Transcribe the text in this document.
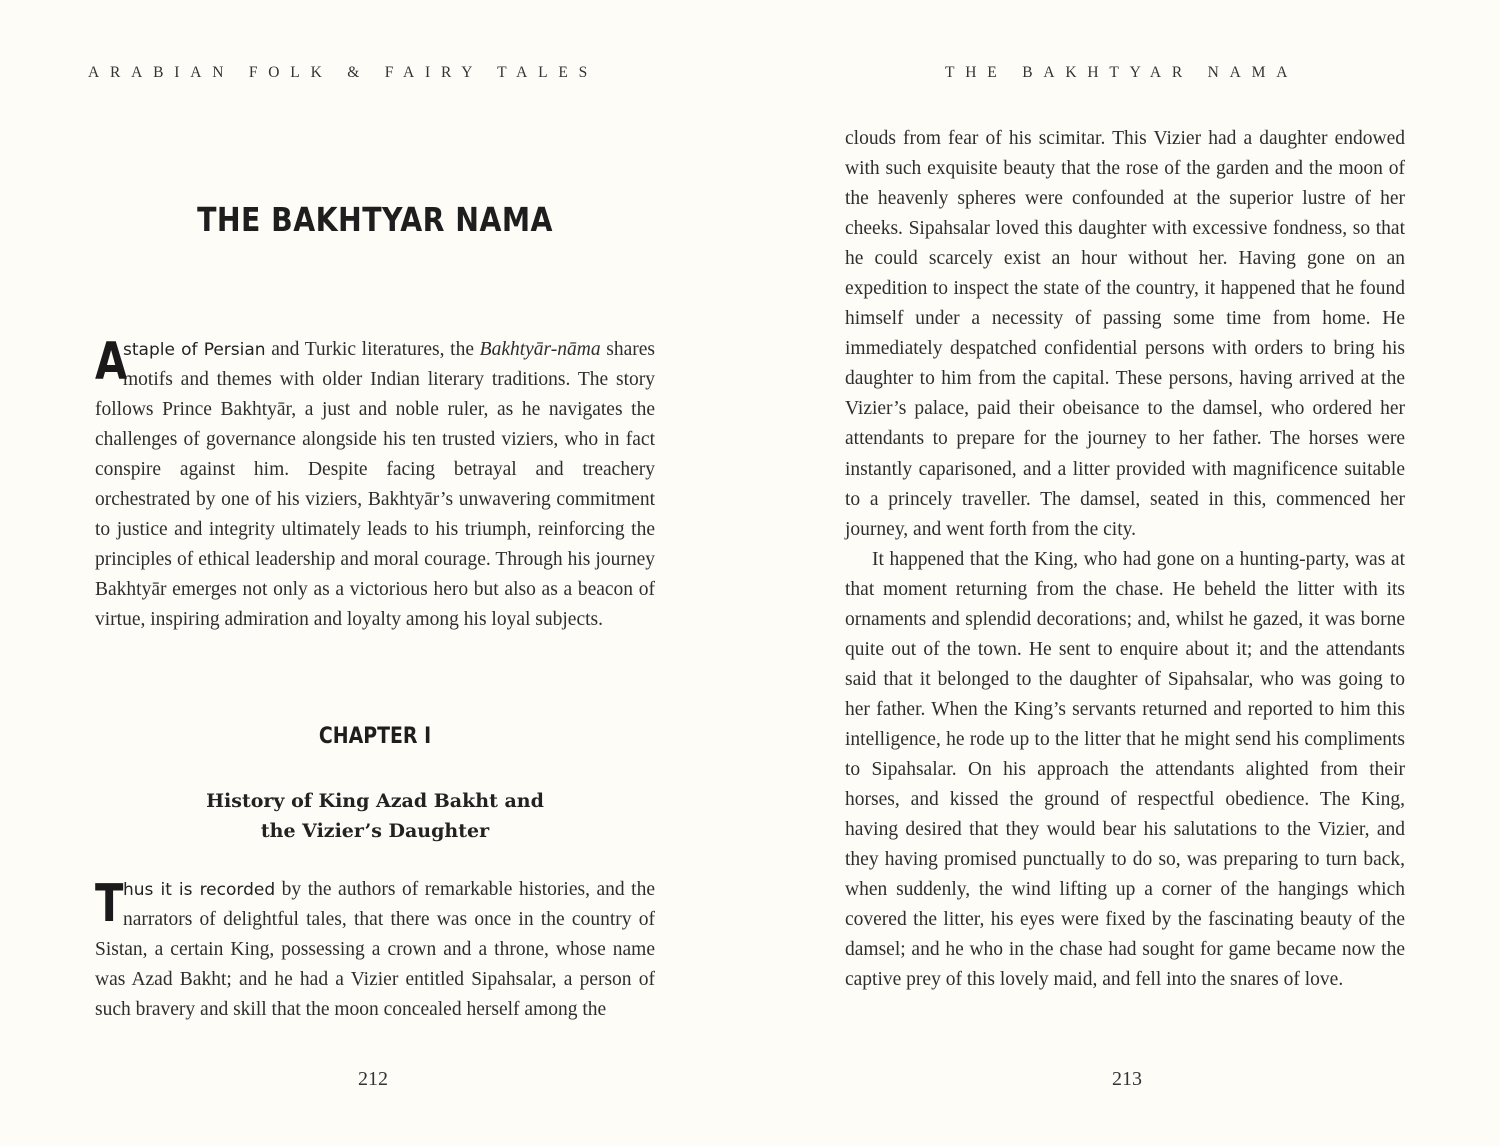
ARABIAN FOLK & FAIRY TALES
THE BAKHTYAR NAMA

A
staple of Persian and Turkic literatures, the Bakhtyār-nāma shares motifs and themes with older Indian literary traditions. The story follows Prince Bakhtyār, a just and noble ruler, as he navigates the challenges of governance alongside his ten trusted viziers, who in fact conspire against him. Despite facing betrayal and treachery orchestrated by one of his viziers, Bakhtyār’s unwavering commitment to justice and integrity ultimately leads to his triumph, reinforcing the principles of ethical leadership and moral courage. Through his journey Bakhtyār emerges not only as a victorious hero but also as a beacon of virtue, inspiring admiration and loyalty among his loyal subjects.

CHAPTER I
History of King Azad Bakht and
the Vizier’s Daughter

Thus it is recorded by the authors of remarkable histories, and the narrators of delightful tales, that there was once in the country of Sistan, a certain King, possessing a crown and a throne, whose name was Azad Bakht; and he had a Vizier entitled Sipahsalar, a person of such bravery and skill that the moon concealed herself among the

212
THE BAKHTYAR NAMA

clouds from fear of his scimitar. This Vizier had a daughter endowed with such exquisite beauty that the rose of the garden and the moon of the heavenly spheres were confounded at the superior lustre of her cheeks. Sipahsalar loved this daughter with excessive fondness, so that he could scarcely exist an hour without her. Having gone on an expedition to inspect the state of the country, it happened that he found himself under a necessity of passing some time from home. He immediately despatched confidential persons with orders to bring his daughter to him from the capital. These persons, having arrived at the Vizier’s palace, paid their obeisance to the damsel, who ordered her attendants to prepare for the journey to her father. The horses were instantly caparisoned, and a litter provided with magnificence suitable to a princely traveller. The damsel, seated in this, commenced her journey, and went forth from the city.

It happened that the King, who had gone on a hunting-party, was at that moment returning from the chase. He beheld the litter with its ornaments and splendid decorations; and, whilst he gazed, it was borne quite out of the town. He sent to enquire about it; and the attendants said that it belonged to the daughter of Sipahsalar, who was going to her father. When the King’s servants returned and reported to him this intelligence, he rode up to the litter that he might send his compliments to Sipahsalar. On his approach the attendants alighted from their horses, and kissed the ground of respectful obedience. The King, having desired that they would bear his salutations to the Vizier, and they having promised punctually to do so, was preparing to turn back, when suddenly, the wind lifting up a corner of the hangings which covered the litter, his eyes were fixed by the fascinating beauty of the damsel; and he who in the chase had sought for game became now the captive prey of this lovely maid, and fell into the snares of love.

213
